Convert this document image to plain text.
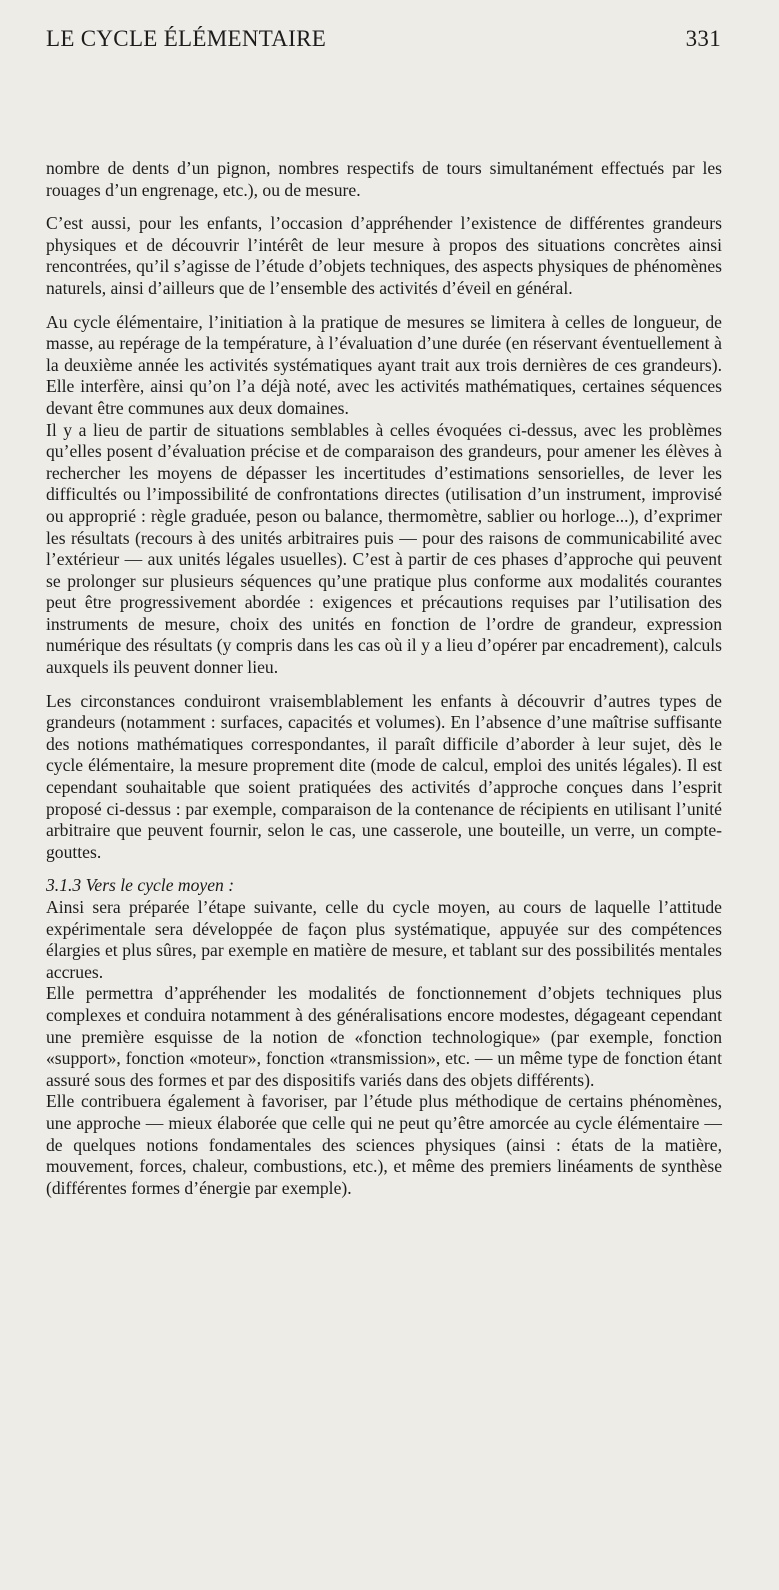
LE CYCLE ÉLÉMENTAIRE	331

nombre de dents d’un pignon, nombres respectifs de tours simultanément effectués par les rouages d’un engrenage, etc.), ou de mesure.

C’est aussi, pour les enfants, l’occasion d’appréhender l’existence de différentes grandeurs physiques et de découvrir l’intérêt de leur mesure à propos des situations concrètes ainsi rencontrées, qu’il s’agisse de l’étude d’objets techniques, des aspects physiques de phénomènes naturels, ainsi d’ailleurs que de l’ensemble des activités d’éveil en général.

Au cycle élémentaire, l’initiation à la pratique de mesures se limitera à celles de longueur, de masse, au repérage de la température, à l’évaluation d’une durée (en réservant éventuellement à la deuxième année les activités systématiques ayant trait aux trois dernières de ces grandeurs). Elle interfère, ainsi qu’on l’a déjà noté, avec les activités mathématiques, certaines séquences devant être communes aux deux domaines.

Il y a lieu de partir de situations semblables à celles évoquées ci-dessus, avec les problèmes qu’elles posent d’évaluation précise et de comparaison des grandeurs, pour amener les élèves à rechercher les moyens de dépasser les incertitudes d’estimations sensorielles, de lever les difficultés ou l’impossibilité de confrontations directes (utilisation d’un instrument, improvisé ou approprié : règle graduée, peson ou balance, thermomètre, sablier ou horloge...), d’exprimer les résultats (recours à des unités arbitraires puis — pour des raisons de communicabilité avec l’extérieur — aux unités légales usuelles). C’est à partir de ces phases d’approche qui peuvent se prolonger sur plusieurs séquences qu’une pratique plus conforme aux modalités courantes peut être progressivement abordée : exigences et précautions requises par l’utilisation des instruments de mesure, choix des unités en fonction de l’ordre de grandeur, expression numérique des résultats (y compris dans les cas où il y a lieu d’opérer par encadrement), calculs auxquels ils peuvent donner lieu.

Les circonstances conduiront vraisemblablement les enfants à découvrir d’autres types de grandeurs (notamment : surfaces, capacités et volumes). En l’absence d’une maîtrise suffisante des notions mathématiques correspondantes, il paraît difficile d’aborder à leur sujet, dès le cycle élémentaire, la mesure proprement dite (mode de calcul, emploi des unités légales). Il est cependant souhaitable que soient pratiquées des activités d’approche conçues dans l’esprit proposé ci-dessus : par exemple, comparaison de la contenance de récipients en utilisant l’unité arbitraire que peuvent fournir, selon le cas, une casserole, une bouteille, un verre, un compte-gouttes.

3.1.3 Vers le cycle moyen :

Ainsi sera préparée l’étape suivante, celle du cycle moyen, au cours de laquelle l’attitude expérimentale sera développée de façon plus systématique, appuyée sur des compétences élargies et plus sûres, par exemple en matière de mesure, et tablant sur des possibilités mentales accrues.

Elle permettra d’appréhender les modalités de fonctionnement d’objets techniques plus complexes et conduira notamment à des généralisations encore modestes, dégageant cependant une première esquisse de la notion de «fonction technologique» (par exemple, fonction «support», fonction «moteur», fonction «transmission», etc. — un même type de fonction étant assuré sous des formes et par des dispositifs variés dans des objets différents).

Elle contribuera également à favoriser, par l’étude plus méthodique de certains phénomènes, une approche — mieux élaborée que celle qui ne peut qu’être amorcée au cycle élémentaire — de quelques notions fondamentales des sciences physiques (ainsi : états de la matière, mouvement, forces, chaleur, combustions, etc.), et même des premiers linéaments de synthèse (différentes formes d’énergie par exemple).
